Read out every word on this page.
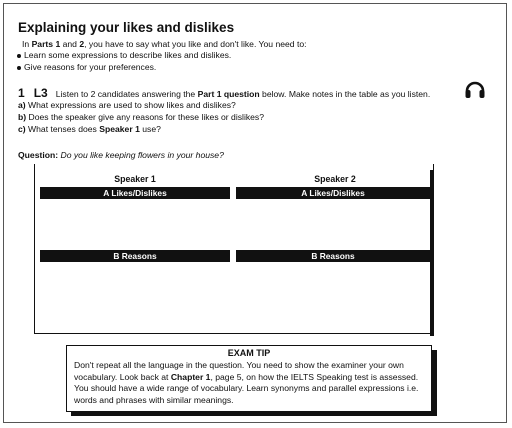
Explaining your likes and dislikes
In Parts 1 and 2, you have to say what you like and don't like. You need to:
Learn some expressions to describe likes and dislikes.
Give reasons for your preferences.
1 L3 Listen to 2 candidates answering the Part 1 question below. Make notes in the table as you listen.
a) What expressions are used to show likes and dislikes?
b) Does the speaker give any reasons for these likes or dislikes?
c) What tenses does Speaker 1 use?
Question: Do you like keeping flowers in your house?
Speaker 1	Speaker 2
A Likes/Dislikes	A Likes/Dislikes
B Reasons	B Reasons
EXAM TIP
Don't repeat all the language in the question. You need to show the examiner your own vocabulary. Look back at Chapter 1, page 5, on how the IELTS Speaking test is assessed. You should have a wide range of vocabulary. Learn synonyms and parallel expressions i.e. words and phrases with similar meanings.
